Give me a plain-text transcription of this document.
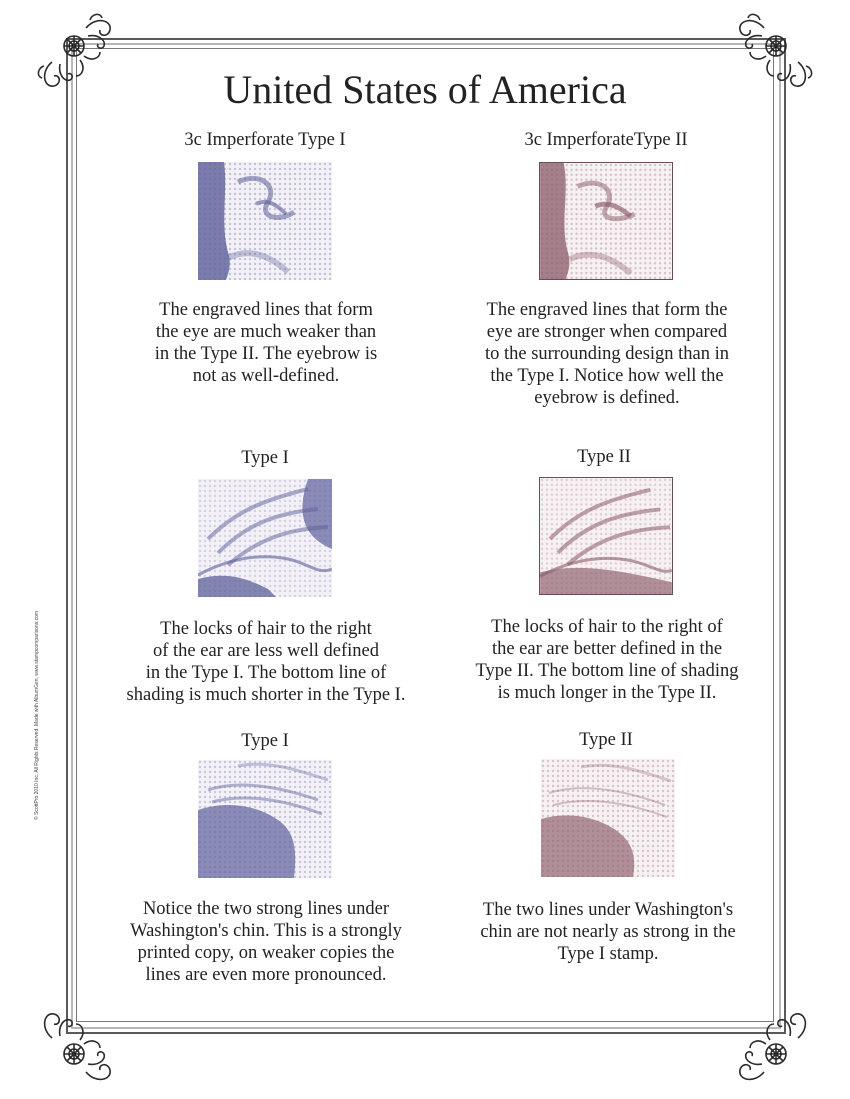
© ScottPro 2010 Inc. All Rights Reserved. Made with AlbumGen, www.stampcomparisons.com
United States of America
3c Imperforate Type I	3c ImperforateType II
The engraved lines that form
the eye are much weaker than
in the Type II. The eyebrow is
not as well-defined.
The engraved lines that form the
eye are stronger when compared
to the surrounding design than in
the Type I. Notice how well the
eyebrow is defined.
Type I	Type II
The locks of hair to the right
of the ear are less well defined
in the Type I. The bottom line of
shading is much shorter in the Type I.
The locks of hair to the right of
the ear are better defined in the
Type II. The bottom line of shading
is much longer in the Type II.
Type I	Type II
Notice the two strong lines under
Washington's chin. This is a strongly
printed copy, on weaker copies the
lines are even more pronounced.
The two lines under Washington's
chin are not nearly as strong in the
Type I stamp.
